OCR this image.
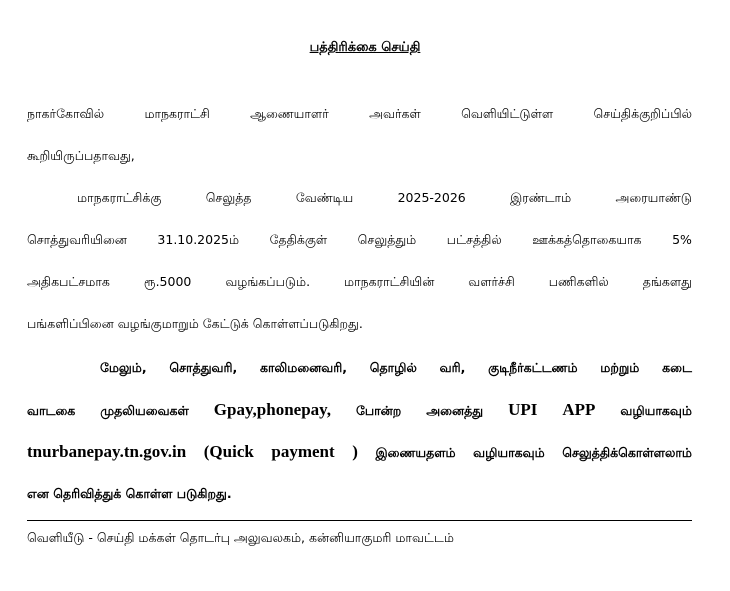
பத்திரிக்கை செய்தி
நாகர்கோவில்	மாநகராட்சி	ஆணையாளர்	அவர்கள்	வெளியிட்டுள்ள	செய்திக்குறிப்பில்
கூறியிருப்பதாவது,
மாநகராட்சிக்கு	செலுத்த	வேண்டிய	2025-2026	இரண்டாம்	அரையாண்டு
சொத்துவரியினை 31.10.2025ம் தேதிக்குள் செலுத்தும் பட்சத்தில் ஊக்கத்தொகையாக 5%
அதிகபட்சமாக	ரூ.5000	வழங்கப்படும்.	மாநகராட்சியின்	வளர்ச்சி	பணிகளில்	தங்களது
பங்களிப்பினை வழங்குமாறும் கேட்டுக் கொள்ளப்படுகிறது.
மேலும், சொத்துவரி, காலிமனைவரி, தொழில் வரி, குடிநீர்கட்டணம் மற்றும் கடை
வாடகை முதலியவைகள் Gpay,phonepay, போன்ற அனைத்து UPI APP வழியாகவும்
tnurbanepay.tn.gov.in (Quick payment ) இணையதளம் வழியாகவும் செலுத்திக்கொள்ளலாம்
என தெரிவித்துக் கொள்ள படுகிறது.
வெளியீடு - செய்தி மக்கள் தொடர்பு அலுவலகம், கன்னியாகுமரி மாவட்டம்
